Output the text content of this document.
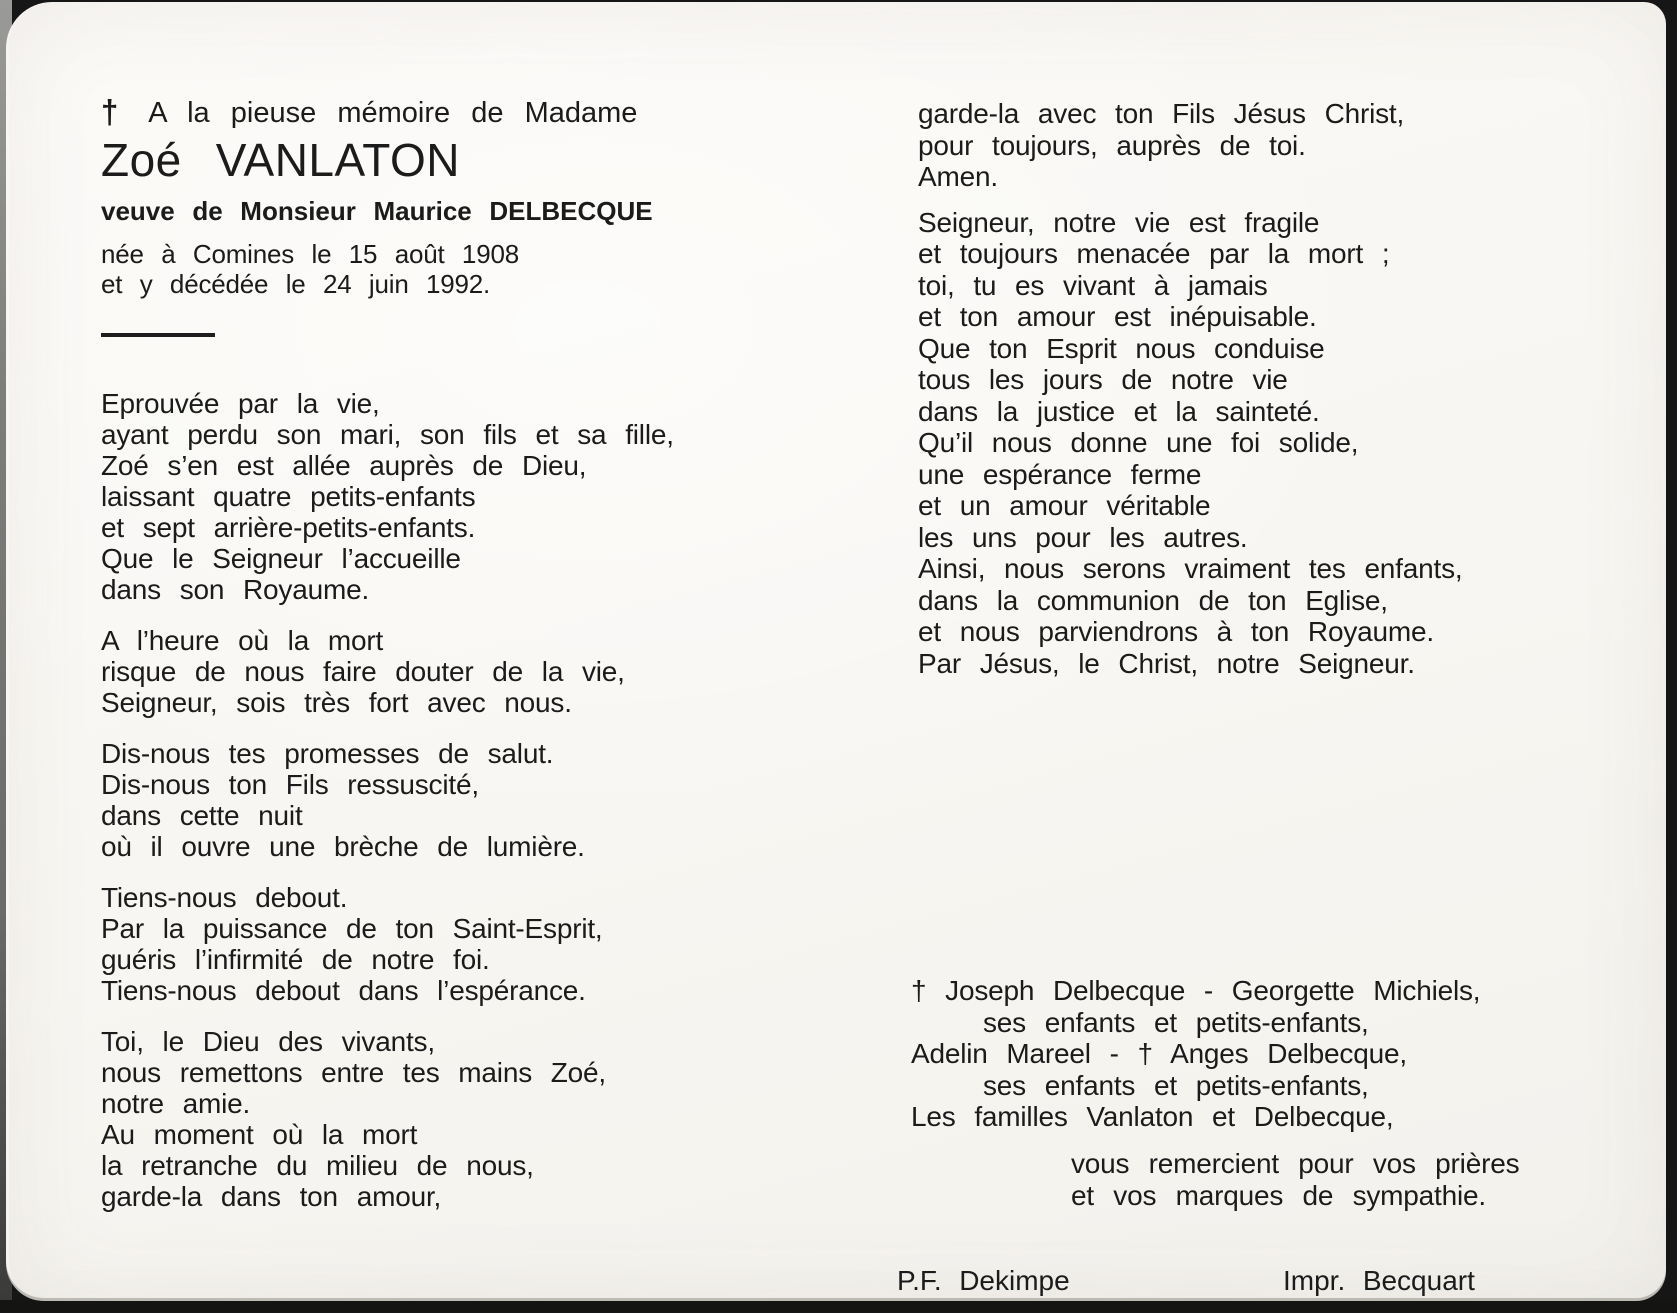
† A la pieuse mémoire de Madame
Zoé VANLATON
veuve de Monsieur Maurice DELBECQUE
née à Comines le 15 août 1908
et y décédée le 24 juin 1992.

Eprouvée par la vie,
ayant perdu son mari, son fils et sa fille,
Zoé s’en est allée auprès de Dieu,
laissant quatre petits-enfants
et sept arrière-petits-enfants.
Que le Seigneur l’accueille
dans son Royaume.

A l’heure où la mort
risque de nous faire douter de la vie,
Seigneur, sois très fort avec nous.

Dis-nous tes promesses de salut.
Dis-nous ton Fils ressuscité,
dans cette nuit
où il ouvre une brèche de lumière.

Tiens-nous debout.
Par la puissance de ton Saint-Esprit,
guéris l’infirmité de notre foi.
Tiens-nous debout dans l’espérance.

Toi, le Dieu des vivants,
nous remettons entre tes mains Zoé,
notre amie.
Au moment où la mort
la retranche du milieu de nous,
garde-la dans ton amour,

garde-la avec ton Fils Jésus Christ,
pour toujours, auprès de toi.
Amen.

Seigneur, notre vie est fragile
et toujours menacée par la mort ;
toi, tu es vivant à jamais
et ton amour est inépuisable.
Que ton Esprit nous conduise
tous les jours de notre vie
dans la justice et la sainteté.
Qu’il nous donne une foi solide,
une espérance ferme
et un amour véritable
les uns pour les autres.
Ainsi, nous serons vraiment tes enfants,
dans la communion de ton Eglise,
et nous parviendrons à ton Royaume.
Par Jésus, le Christ, notre Seigneur.

† Joseph Delbecque - Georgette Michiels,
ses enfants et petits-enfants,
Adelin Mareel - † Anges Delbecque,
ses enfants et petits-enfants,
Les familles Vanlaton et Delbecque,
vous remercient pour vos prières
et vos marques de sympathie.
P.F. Dekimpe	Impr. Becquart
